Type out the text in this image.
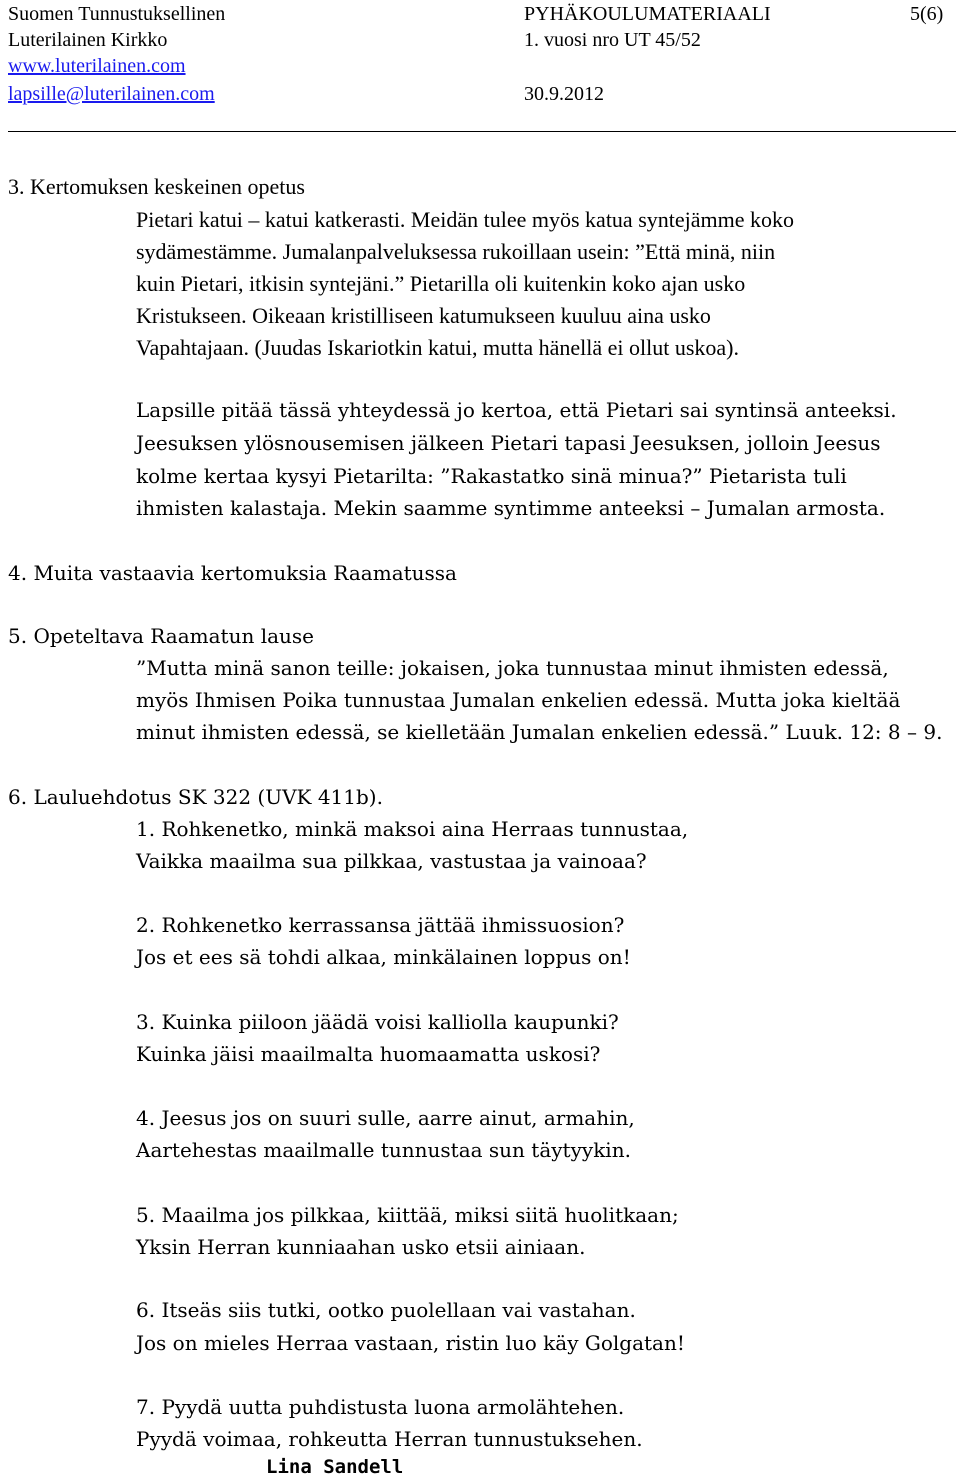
Suomen Tunnustuksellinen
Luterilainen Kirkko
www.luterilainen.com
lapsille@luterilainen.com
PYHÄKOULUMATERIAALI
1. vuosi nro UT 45/52
30.9.2012
5(6)
3. Kertomuksen keskeinen opetus
Pietari katui – katui katkerasti. Meidän tulee myös katua syntejämme koko
sydämestämme. Jumalanpalveluksessa rukoillaan usein: ”Että minä, niin
kuin Pietari, itkisin syntejäni.” Pietarilla oli kuitenkin koko ajan usko
Kristukseen. Oikeaan kristilliseen katumukseen kuuluu aina usko
Vapahtajaan. (Juudas Iskariotkin katui, mutta hänellä ei ollut uskoa).
Lapsille pitää tässä yhteydessä jo kertoa, että Pietari sai syntinsä anteeksi.
Jeesuksen ylösnousemisen jälkeen Pietari tapasi Jeesuksen, jolloin Jeesus
kolme kertaa kysyi Pietarilta: ”Rakastatko sinä minua?” Pietarista tuli
ihmisten kalastaja. Mekin saamme syntimme anteeksi – Jumalan armosta.
4. Muita vastaavia kertomuksia Raamatussa
5. Opeteltava Raamatun lause
”Mutta minä sanon teille: jokaisen, joka tunnustaa minut ihmisten edessä,
myös Ihmisen Poika tunnustaa Jumalan enkelien edessä. Mutta joka kieltää
minut ihmisten edessä, se kielletään Jumalan enkelien edessä.” Luuk. 12: 8 – 9.
6. Lauluehdotus SK 322 (UVK 411b).
1. Rohkenetko, minkä maksoi aina Herraas tunnustaa,
Vaikka maailma sua pilkkaa, vastustaa ja vainoaa?
2. Rohkenetko kerrassansa jättää ihmissuosion?
Jos et ees sä tohdi alkaa, minkälainen loppus on!
3. Kuinka piiloon jäädä voisi kalliolla kaupunki?
Kuinka jäisi maailmalta huomaamatta uskosi?
4. Jeesus jos on suuri sulle, aarre ainut, armahin,
Aartehestas maailmalle tunnustaa sun täytyykin.
5. Maailma jos pilkkaa, kiittää, miksi siitä huolitkaan;
Yksin Herran kunniaahan usko etsii ainiaan.
6. Itseäs siis tutki, ootko puolellaan vai vastahan.
Jos on mieles Herraa vastaan, ristin luo käy Golgatan!
7. Pyydä uutta puhdistusta luona armolähtehen.
Pyydä voimaa, rohkeutta Herran tunnustuksehen.
Lina Sandell
